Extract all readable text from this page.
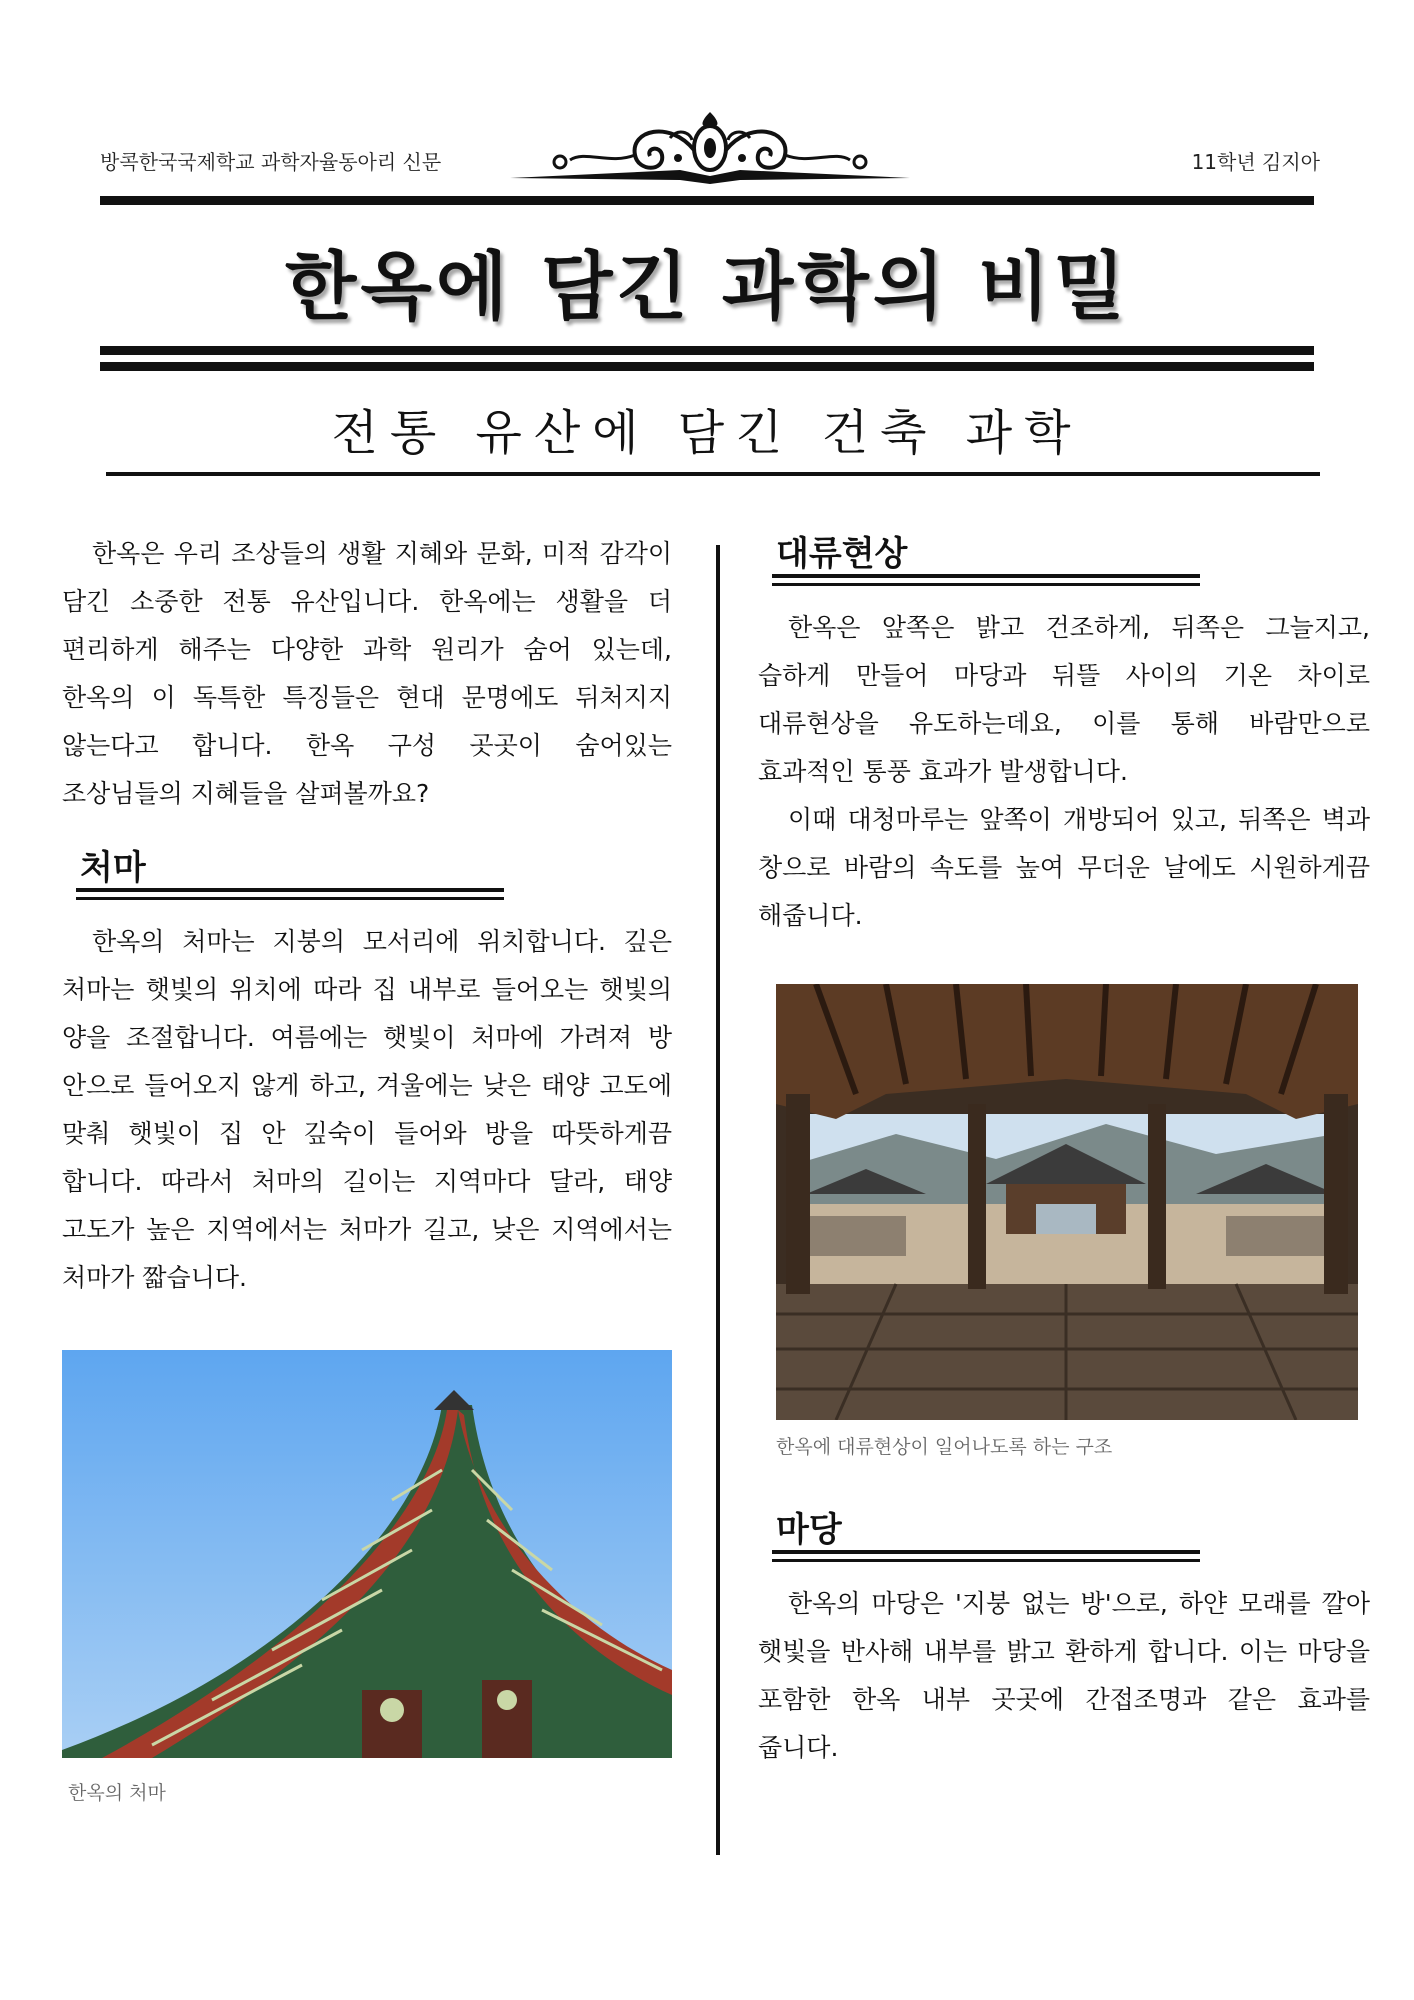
방콕한국국제학교 과학자율동아리 신문	11학년 김지아
한옥에 담긴 과학의 비밀
전통 유산에 담긴 건축 과학

한옥은 우리 조상들의 생활 지혜와 문화, 미적 감각이 담긴 소중한 전통 유산입니다. 한옥에는 생활을 더 편리하게 해주는 다양한 과학 원리가 숨어 있는데, 한옥의 이 독특한 특징들은 현대 문명에도 뒤처지지 않는다고 합니다. 한옥 구성 곳곳이 숨어있는 조상님들의 지혜들을 살펴볼까요?

처마

한옥의 처마는 지붕의 모서리에 위치합니다. 깊은 처마는 햇빛의 위치에 따라 집 내부로 들어오는 햇빛의 양을 조절합니다. 여름에는 햇빛이 처마에 가려져 방 안으로 들어오지 않게 하고, 겨울에는 낮은 태양 고도에 맞춰 햇빛이 집 안 깊숙이 들어와 방을 따뜻하게끔 합니다. 따라서 처마의 길이는 지역마다 달라, 태양 고도가 높은 지역에서는 처마가 길고, 낮은 지역에서는 처마가 짧습니다.

한옥의 처마
대류현상

한옥은 앞쪽은 밝고 건조하게, 뒤쪽은 그늘지고, 습하게 만들어 마당과 뒤뜰 사이의 기온 차이로 대류현상을 유도하는데요, 이를 통해 바람만으로 효과적인 통풍 효과가 발생합니다.

이때 대청마루는 앞쪽이 개방되어 있고, 뒤쪽은 벽과 창으로 바람의 속도를 높여 무더운 날에도 시원하게끔 해줍니다.

한옥에 대류현상이 일어나도록 하는 구조
마당

한옥의 마당은 '지붕 없는 방'으로, 하얀 모래를 깔아 햇빛을 반사해 내부를 밝고 환하게 합니다. 이는 마당을 포함한 한옥 내부 곳곳에 간접조명과 같은 효과를 줍니다.
